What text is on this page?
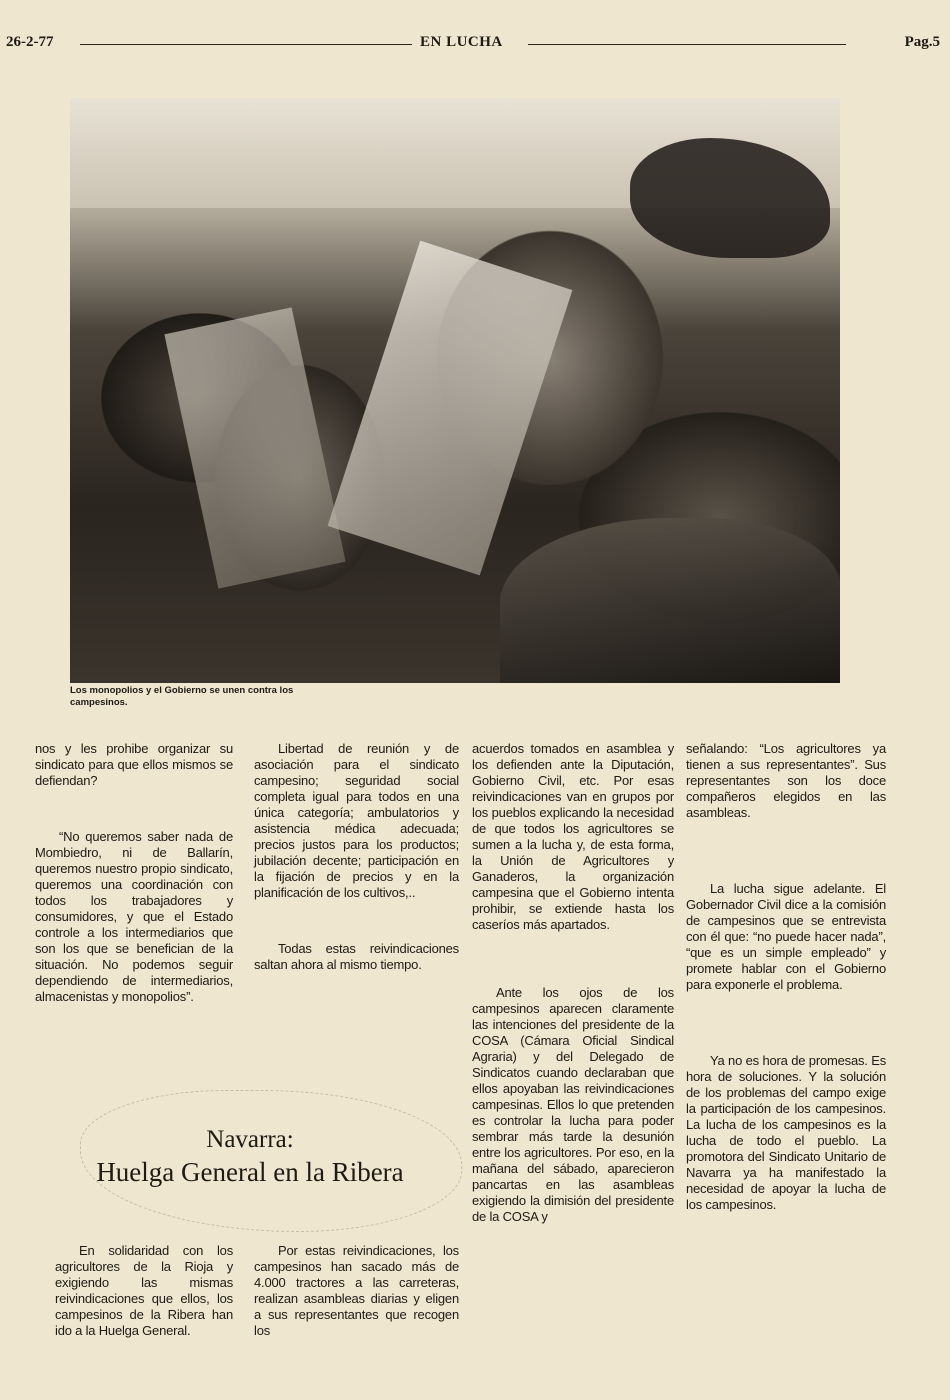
26-2-77	EN LUCHA	Pag.5
Los monopolios y el Gobierno se unen contra los campesinos.

nos y les prohibe organizar su sindicato para que ellos mismos se defiendan?

“No queremos saber nada de Mombiedro, ni de Ballarín, queremos nuestro propio sindicato, queremos una coordinación con todos los trabajadores y consumidores, y que el Estado controle a los intermediarios que son los que se benefician de la situación. No podemos seguir dependiendo de intermediarios, almacenistas y monopolios”.

Libertad de reunión y de asociación para el sindicato campesino; seguridad social completa igual para todos en una única categoría; ambulatorios y asistencia médica adecuada; precios justos para los productos; jubilación decente; participación en la fijación de precios y en la planificación de los cultivos,..

Todas estas reivindicaciones saltan ahora al mismo tiempo.

acuerdos tomados en asamblea y los defienden ante la Diputación, Gobierno Civil, etc. Por esas reivindicaciones van en grupos por los pueblos explicando la necesidad de que todos los agricultores se sumen a la lucha y, de esta forma, la Unión de Agricultores y Ganaderos, la organización campesina que el Gobierno intenta prohibir, se extiende hasta los caseríos más apartados.

Ante los ojos de los campesinos aparecen claramente las intenciones del presidente de la COSA (Cámara Oficial Sindical Agraria) y del Delegado de Sindicatos cuando declaraban que ellos apoyaban las reivindicaciones campesinas. Ellos lo que pretenden es controlar la lucha para poder sembrar más tarde la desunión entre los agricultores. Por eso, en la mañana del sábado, aparecieron pancartas en las asambleas exigiendo la dimisión del presidente de la COSA y

señalando: “Los agricultores ya tienen a sus representantes”. Sus representantes son los doce compañeros elegidos en las asambleas.

La lucha sigue adelante. El Gobernador Civil dice a la comisión de campesinos que se entrevista con él que: “no puede hacer nada”, “que es un simple empleado” y promete hablar con el Gobierno para exponerle el problema.

Ya no es hora de promesas. Es hora de soluciones. Y la solución de los problemas del campo exige la participación de los campesinos. La lucha de los campesinos es la lucha de todo el pueblo. La promotora del Sindicato Unitario de Navarra ya ha manifestado la necesidad de apoyar la lucha de los campesinos.

Navarra:
Huelga General en la Ribera

En solidaridad con los agricultores de la Rioja y exigiendo las mismas reivindicaciones que ellos, los campesinos de la Ribera han ido a la Huelga General.

Por estas reivindicaciones, los campesinos han sacado más de 4.000 tractores a las carreteras, realizan asambleas diarias y eligen a sus representantes que recogen los
